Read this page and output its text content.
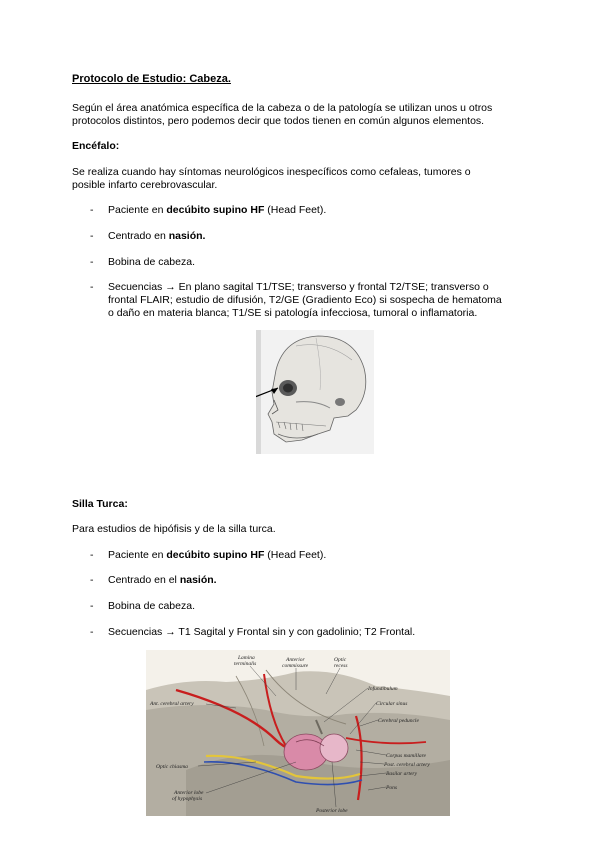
Protocolo de Estudio: Cabeza.
Según el área anatómica específica de la cabeza o de la patología se utilizan unos u otros
protocolos distintos, pero podemos decir que todos tienen en común algunos elementos.
Encéfalo:
Se realiza cuando hay síntomas neurológicos inespecíficos como cefaleas, tumores o
posible infarto cerebrovascular.
- Paciente en decúbito supino HF (Head Feet).
- Centrado en nasión.
- Bobina de cabeza.
- Secuencias → En plano sagital T1/TSE; transverso y frontal T2/TSE; transverso o
frontal FLAIR; estudio de difusión, T2/GE (Gradiento Eco) si sospecha de hematoma
o daño en materia blanca; T1/SE si patología infecciosa, tumoral o inflamatoria.
Silla Turca:
Para estudios de hipófisis y de la silla turca.
- Paciente en decúbito supino HF (Head Feet).
- Centrado en el nasión.
- Bobina de cabeza.
- Secuencias → T1 Sagital y Frontal sin y con gadolinio; T2 Frontal.
Lamina
terminalis
Anterior
commissure
Optic
recess
Infundibulum
Circular sinus
Cerebral peduncle
Ant. cerebral artery
Corpus mamillare
Post. cerebral artery
Basilar artery
Optic chiasma
Pons
Anterior lobe
of hypophysis
Posterior lobe
